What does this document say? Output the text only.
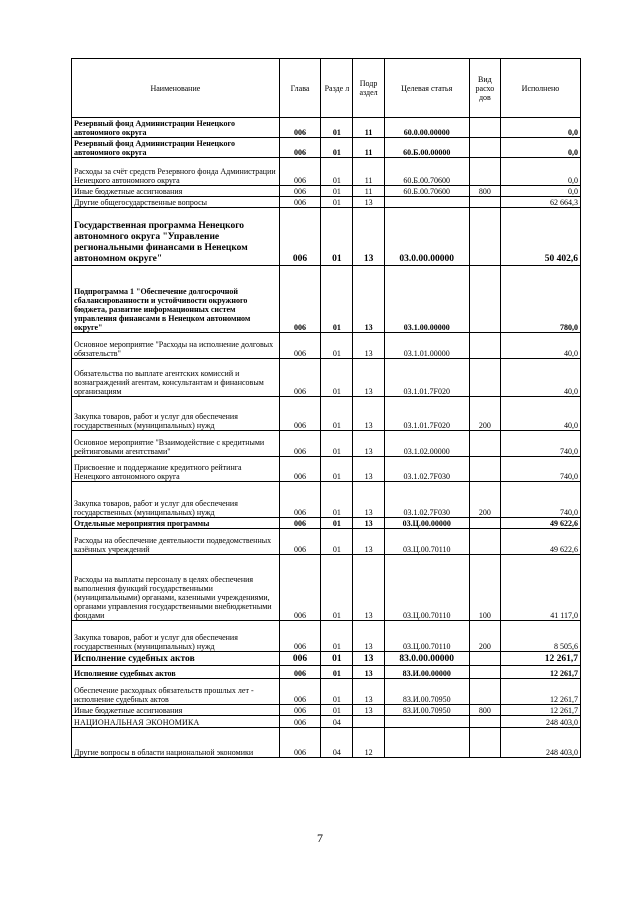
Наименование	Глава	Разде л	Подр аздел	Целевая статья	Вид расхо дов	Исполнено
Резервный фонд Администрации Ненецкого автономного округа	006	01	11	60.0.00.00000		0,0
Резервный фонд Администрации Ненецкого автономного округа	006	01	11	60.Б.00.00000		0,0
Расходы за счёт средств Резервного фонда Администрации Ненецкого автономного округа	006	01	11	60.Б.00.70600		0,0
Иные бюджетные ассигнования	006	01	11	60.Б.00.70600	800	0,0
Другие общегосударственные вопросы	006	01	13			62 664,3
Государственная программа Ненецкого автономного округа "Управление региональными финансами в Ненецком автономном округе"	006	01	13	03.0.00.00000		50 402,6
Подпрограмма 1 "Обеспечение долгосрочной сбалансированности и устойчивости окружного бюджета, развитие информационных систем управления финансами в Ненецком автономном округе"	006	01	13	03.1.00.00000		780,0
Основное мероприятие "Расходы на исполнение долговых обязательств"	006	01	13	03.1.01.00000		40,0
Обязательства по выплате агентских комиссий и вознаграждений агентам, консультантам и финансовым организациям	006	01	13	03.1.01.7F020		40,0
Закупка товаров, работ и услуг для обеспечения государственных (муниципальных) нужд	006	01	13	03.1.01.7F020	200	40,0
Основное мероприятие "Взаимодействие с кредитными рейтинговыми агентствами"	006	01	13	03.1.02.00000		740,0
Присвоение и поддержание кредитного рейтинга Ненецкого автономного округа	006	01	13	03.1.02.7F030		740,0
Закупка товаров, работ и услуг для обеспечения государственных (муниципальных) нужд	006	01	13	03.1.02.7F030	200	740,0
Отдельные мероприятия программы	006	01	13	03.Ц.00.00000		49 622,6
Расходы на обеспечение деятельности подведомственных казённых учреждений	006	01	13	03.Ц.00.70110		49 622,6
Расходы на выплаты персоналу в целях обеспечения выполнения функций государственными (муниципальными) органами, казенными учреждениями, органами управления государственными внебюджетными фондами	006	01	13	03.Ц.00.70110	100	41 117,0
Закупка товаров, работ и услуг для обеспечения государственных (муниципальных) нужд	006	01	13	03.Ц.00.70110	200	8 505,6
Исполнение судебных актов	006	01	13	83.0.00.00000		12 261,7
Исполнение судебных актов	006	01	13	83.И.00.00000		12 261,7
Обеспечение расходных обязательств прошлых лет - исполнение судебных актов	006	01	13	83.И.00.70950		12 261,7
Иные бюджетные ассигнования	006	01	13	83.И.00.70950	800	12 261,7
НАЦИОНАЛЬНАЯ ЭКОНОМИКА	006	04				248 403,0
Другие вопросы в области национальной экономики	006	04	12			248 403,0
7
